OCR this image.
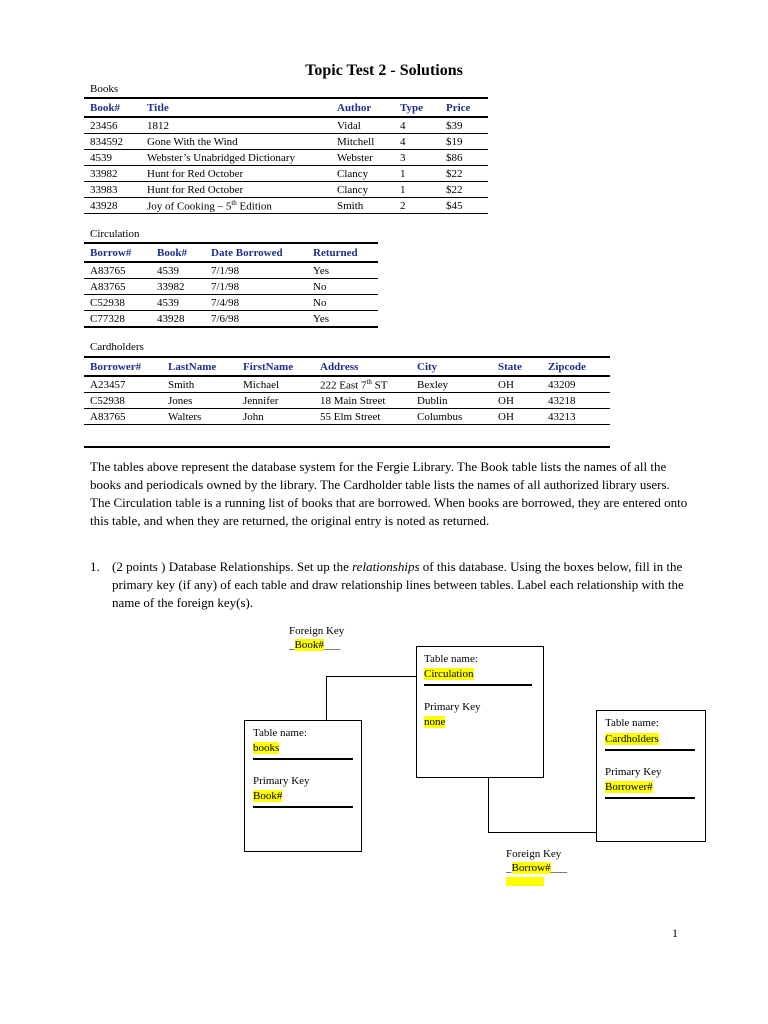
Topic Test 2 - Solutions
Books
Book#	Title	Author	Type	Price
23456	1812	Vidal	4	$39
834592	Gone With the Wind	Mitchell	4	$19
4539	Webster’s Unabridged Dictionary	Webster	3	$86
33982	Hunt for Red October	Clancy	1	$22
33983	Hunt for Red October	Clancy	1	$22
43928	Joy of Cooking – 5th Edition	Smith	2	$45
Circulation
Borrow#	Book#	Date Borrowed	Returned
A83765	4539	7/1/98	Yes
A83765	33982	7/1/98	No
C52938	4539	7/4/98	No
C77328	43928	7/6/98	Yes
Cardholders
Borrower#	LastName	FirstName	Address	City	State	Zipcode
A23457	Smith	Michael	222 East 7th ST	Bexley	OH	43209
C52938	Jones	Jennifer	18 Main Street	Dublin	OH	43218
A83765	Walters	John	55 Elm Street	Columbus	OH	43213

The tables above represent the database system for the Fergie Library. The Book table lists the names of all the books and periodicals owned by the library. The Cardholder table lists the names of all authorized library users. The Circulation table is a running list of books that are borrowed. When books are borrowed, they are entered onto this table, and when they are returned, the original entry is noted as returned.
1. (2 points ) Database Relationships. Set up the relationships of this database. Using the boxes below, fill in the primary key (if any) of each table and draw relationship lines between tables. Label each relationship with the name of the foreign key(s).
Foreign Key
_Book#___
Table name:
Circulation
Primary Key
none
Table name:
books
Primary Key
Book#
Table name:
Cardholders
Primary Key
Borrower#
Foreign Key
_Borrow#___
1
